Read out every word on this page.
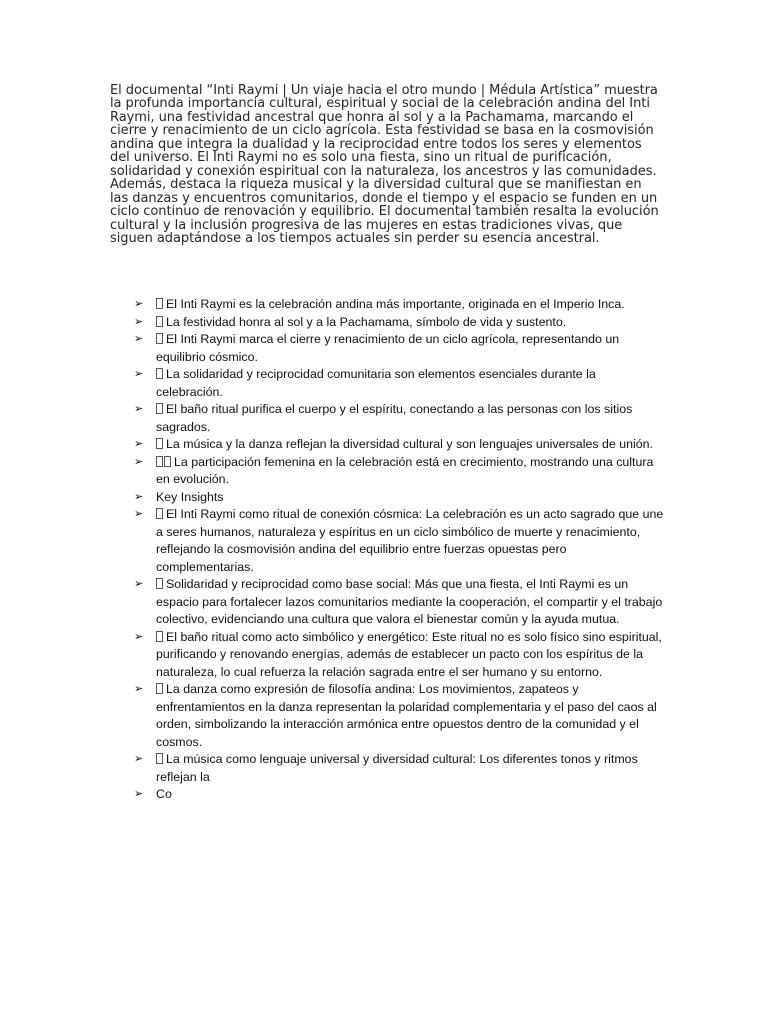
El documental “Inti Raymi | Un viaje hacia el otro mundo | Médula Artística” muestra la profunda importancia cultural, espiritual y social de la celebración andina del Inti Raymi, una festividad ancestral que honra al sol y a la Pachamama, marcando el cierre y renacimiento de un ciclo agrícola. Esta festividad se basa en la cosmovisión andina que integra la dualidad y la reciprocidad entre todos los seres y elementos del universo. El Inti Raymi no es solo una fiesta, sino un ritual de purificación, solidaridad y conexión espiritual con la naturaleza, los ancestros y las comunidades. Además, destaca la riqueza musical y la diversidad cultural que se manifiestan en las danzas y encuentros comunitarios, donde el tiempo y el espacio se funden en un ciclo continuo de renovación y equilibrio. El documental también resalta la evolución cultural y la inclusión progresiva de las mujeres en estas tradiciones vivas, que siguen adaptándose a los tiempos actuales sin perder su esencia ancestral.

➢	El Inti Raymi es la celebración andina más importante, originada en el Imperio Inca.
➢	La festividad honra al sol y a la Pachamama, símbolo de vida y sustento.
➢	El Inti Raymi marca el cierre y renacimiento de un ciclo agrícola, representando un equilibrio cósmico.
➢	La solidaridad y reciprocidad comunitaria son elementos esenciales durante la celebración.
➢	El baño ritual purifica el cuerpo y el espíritu, conectando a las personas con los sitios sagrados.
➢	La música y la danza reflejan la diversidad cultural y son lenguajes universales de unión.
➢	La participación femenina en la celebración está en crecimiento, mostrando una cultura en evolución.
➢	Key Insights
➢	El Inti Raymi como ritual de conexión cósmica: La celebración es un acto sagrado que une a seres humanos, naturaleza y espíritus en un ciclo simbólico de muerte y renacimiento, reflejando la cosmovisión andina del equilibrio entre fuerzas opuestas pero complementarias.
➢	Solidaridad y reciprocidad como base social: Más que una fiesta, el Inti Raymi es un espacio para fortalecer lazos comunitarios mediante la cooperación, el compartir y el trabajo colectivo, evidenciando una cultura que valora el bienestar común y la ayuda mutua.
➢	El baño ritual como acto simbólico y energético: Este ritual no es solo físico sino espiritual, purificando y renovando energías, además de establecer un pacto con los espíritus de la naturaleza, lo cual refuerza la relación sagrada entre el ser humano y su entorno.
➢	La danza como expresión de filosofía andina: Los movimientos, zapateos y enfrentamientos en la danza representan la polaridad complementaria y el paso del caos al orden, simbolizando la interacción armónica entre opuestos dentro de la comunidad y el cosmos.
➢	La música como lenguaje universal y diversidad cultural: Los diferentes tonos y ritmos reflejan la
➢	Co
